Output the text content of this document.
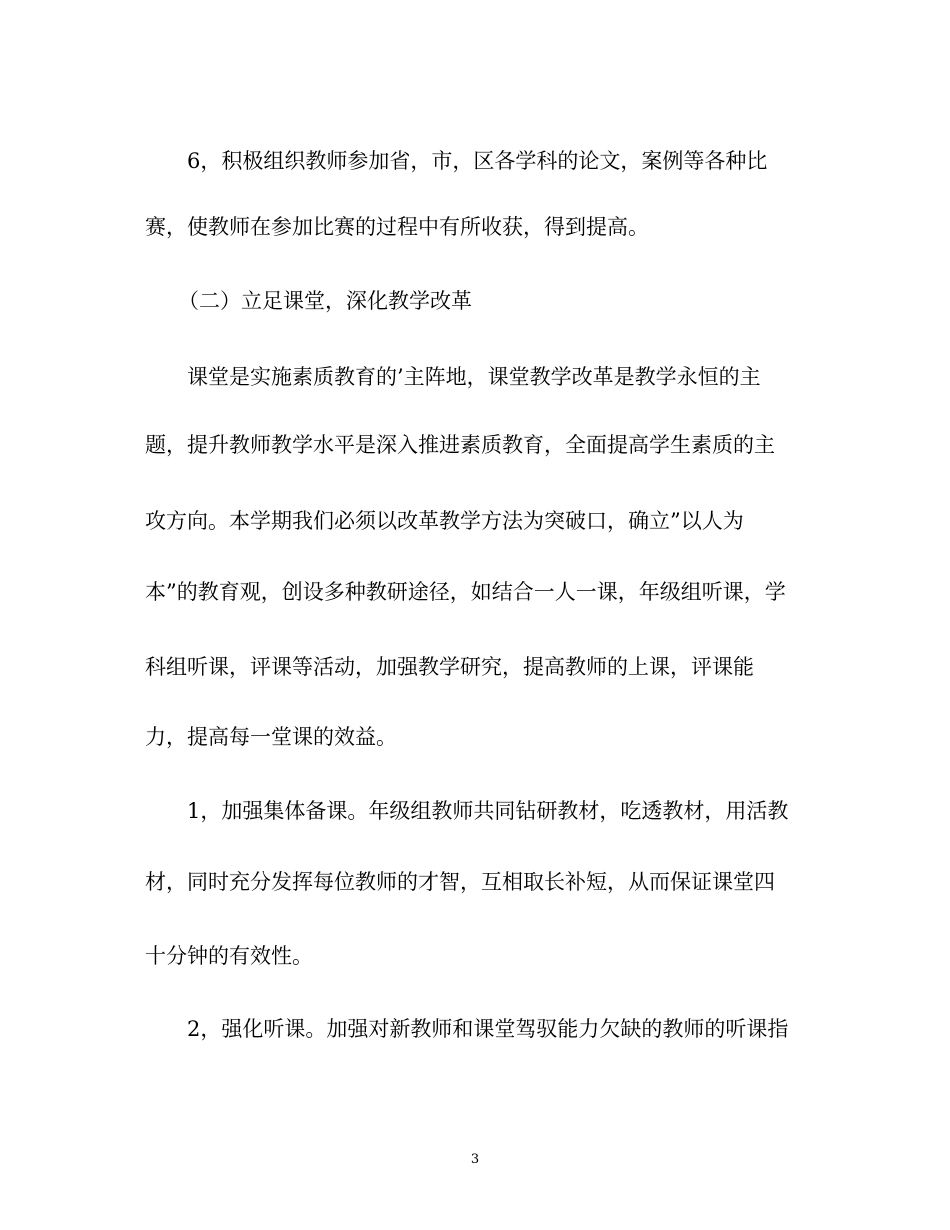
6，积极组织教师参加省，市，区各学科的论文，案例等各种比
赛，使教师在参加比赛的过程中有所收获，得到提高。
（二）立足课堂，深化教学改革
课堂是实施素质教育的’主阵地，课堂教学改革是教学永恒的主
题，提升教师教学水平是深入推进素质教育，全面提高学生素质的主
攻方向。本学期我们必须以改革教学方法为突破口，确立”以人为
本”的教育观，创设多种教研途径，如结合一人一课，年级组听课，学
科组听课，评课等活动，加强教学研究，提高教师的上课，评课能
力，提高每一堂课的效益。
1，加强集体备课。年级组教师共同钻研教材，吃透教材，用活教
材，同时充分发挥每位教师的才智，互相取长补短，从而保证课堂四
十分钟的有效性。
2，强化听课。加强对新教师和课堂驾驭能力欠缺的教师的听课指
3
